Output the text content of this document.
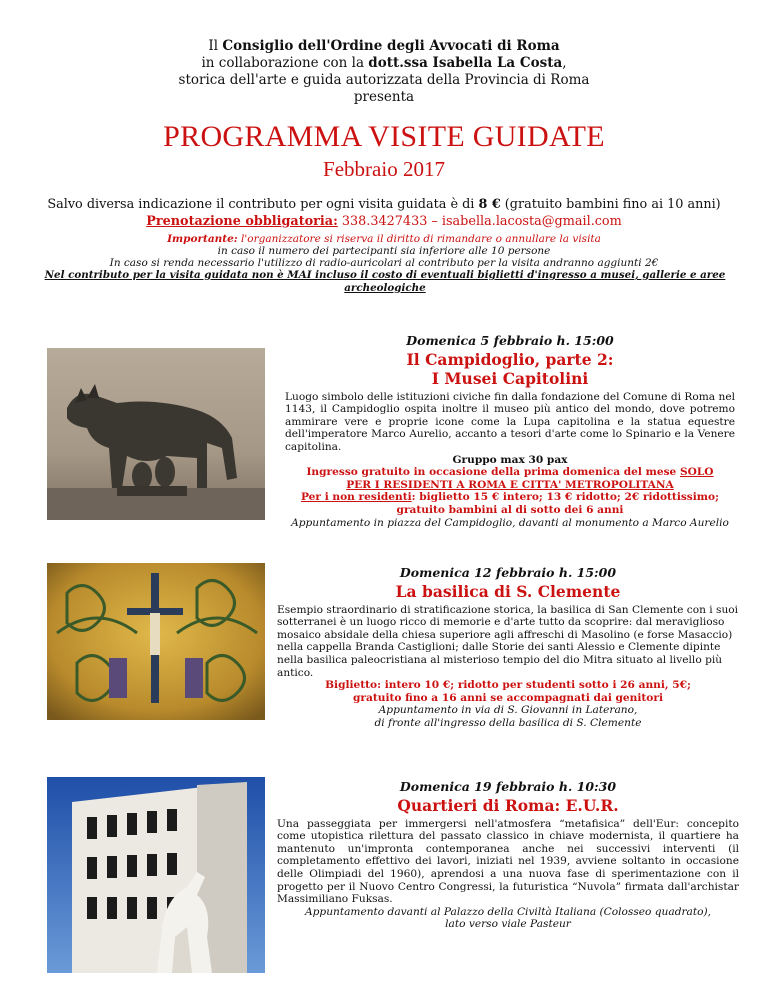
Il Consiglio dell'Ordine degli Avvocati di Roma
in collaborazione con la dott.ssa Isabella La Costa,
storica dell'arte e guida autorizzata della Provincia di Roma
presenta
PROGRAMMA VISITE GUIDATE
Febbraio 2017
Salvo diversa indicazione il contributo per ogni visita guidata è di 8 € (gratuito bambini fino ai 10 anni)
Prenotazione obbligatoria: 338.3427433 – isabella.lacosta@gmail.com
Importante: l'organizzatore si riserva il diritto di rimandare o annullare la visita
in caso il numero dei partecipanti sia inferiore alle 10 persone
In caso si renda necessario l'utilizzo di radio-auricolari al contributo per la visita andranno aggiunti 2€
Nel contributo per la visita guidata non è MAI incluso il costo di eventuali biglietti d'ingresso a musei, gallerie e aree archeologiche
Domenica 5 febbraio h. 15:00
Il Campidoglio, parte 2:
I Musei Capitolini
Luogo simbolo delle istituzioni civiche fin dalla fondazione del Comune di Roma nel 1143, il Campidoglio ospita inoltre il museo più antico del mondo, dove potremo ammirare vere e proprie icone come la Lupa capitolina e la statua equestre dell'imperatore Marco Aurelio, accanto a tesori d'arte come lo Spinario e la Venere capitolina.
Gruppo max 30 pax
Ingresso gratuito in occasione della prima domenica del mese SOLO PER I RESIDENTI A ROMA E CITTA' METROPOLITANA
Per i non residenti: biglietto 15 € intero; 13 € ridotto; 2€ ridottissimo;
gratuito bambini al di sotto dei 6 anni
Appuntamento in piazza del Campidoglio, davanti al monumento a Marco Aurelio
Domenica 12 febbraio h. 15:00
La basilica di S. Clemente
Esempio straordinario di stratificazione storica, la basilica di San Clemente con i suoi sotterranei è un luogo ricco di memorie e d'arte tutto da scoprire: dal meraviglioso mosaico absidale della chiesa superiore agli affreschi di Masolino (e forse Masaccio) nella cappella Branda Castiglioni; dalle Storie dei santi Alessio e Clemente dipinte nella basilica paleocristiana al misterioso tempio del dio Mitra situato al livello più antico.
Biglietto: intero 10 €; ridotto per studenti sotto i 26 anni, 5€;
gratuito fino a 16 anni se accompagnati dai genitori
Appuntamento in via di S. Giovanni in Laterano,
di fronte all'ingresso della basilica di S. Clemente
Domenica 19 febbraio h. 10:30
Quartieri di Roma: E.U.R.
Una passeggiata per immergersi nell'atmosfera “metafisica” dell'Eur: concepito come utopistica rilettura del passato classico in chiave modernista, il quartiere ha mantenuto un'impronta contemporanea anche nei successivi interventi (il completamento effettivo dei lavori, iniziati nel 1939, avviene soltanto in occasione delle Olimpiadi del 1960), aprendosi a una nuova fase di sperimentazione con il progetto per il Nuovo Centro Congressi, la futuristica “Nuvola” firmata dall'archistar Massimiliano Fuksas.
Appuntamento davanti al Palazzo della Civiltà Italiana (Colosseo quadrato),
lato verso viale Pasteur
